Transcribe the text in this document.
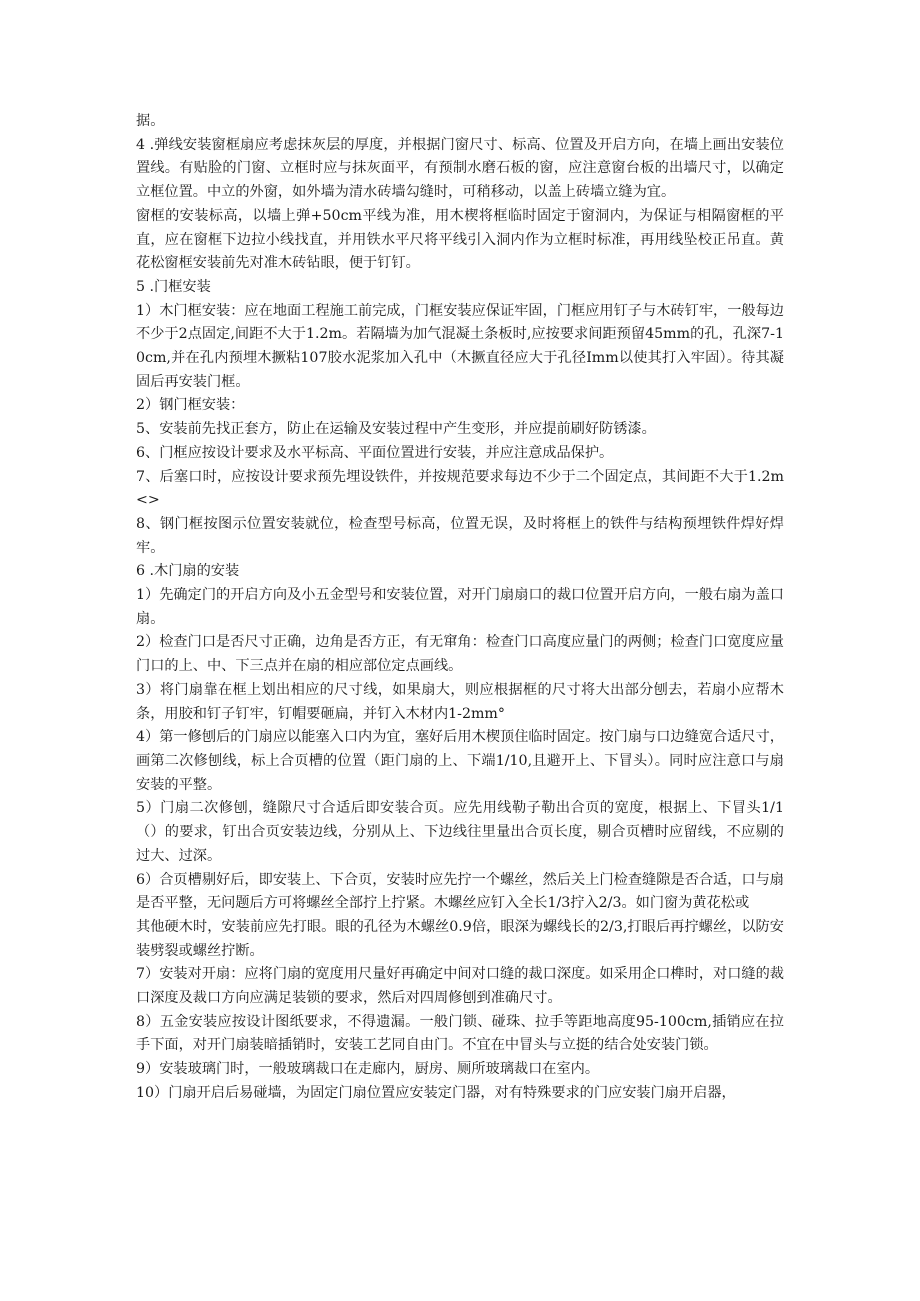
据。

4 .弹线安装窗框扇应考虑抹灰层的厚度，并根据门窗尺寸、标高、位置及开启方向，在墙上画出安装位置线。有贴脸的门窗、立框时应与抹灰面平，有预制水磨石板的窗，应注意窗台板的出墙尺寸，以确定立框位置。中立的外窗，如外墙为清水砖墙勾缝时，可稍移动，以盖上砖墙立缝为宜。

窗框的安装标高，以墙上弹+50cm平线为准，用木楔将框临时固定于窗洞内，为保证与相隔窗框的平直，应在窗框下边拉小线找直，并用铁水平尺将平线引入洞内作为立框时标准，再用线坠校正吊直。黄花松窗框安装前先对准木砖钻眼，便于钉钉。

5 .门框安装

1）木门框安装：应在地面工程施工前完成，门框安装应保证牢固，门框应用钉子与木砖钉牢，一般每边不少于2点固定,间距不大于1.2m。若隔墙为加气混凝土条板时,应按要求间距预留45mm的孔，孔深7-10cm,并在孔内预埋木撅粘107胶水泥浆加入孔中（木撅直径应大于孔径Imm以使其打入牢固）。待其凝固后再安装门框。

2）钢门框安装：

5、安装前先找正套方，防止在运输及安装过程中产生变形，并应提前刷好防锈漆。

6、门框应按设计要求及水平标高、平面位置进行安装，并应注意成品保护。

7、后塞口时，应按设计要求预先埋设铁件，并按规范要求每边不少于二个固定点，其间距不大于1.2m<>

8、钢门框按图示位置安装就位，检查型号标高，位置无误，及时将框上的铁件与结构预埋铁件焊好焊牢。

6 .木门扇的安装

1）先确定门的开启方向及小五金型号和安装位置，对开门扇扇口的裁口位置开启方向，一般右扇为盖口扇。

2）检查门口是否尺寸正确，边角是否方正，有无窜角：检查门口高度应量门的两侧；检查门口宽度应量门口的上、中、下三点并在扇的相应部位定点画线。

3）将门扇靠在框上划出相应的尺寸线，如果扇大，则应根据框的尺寸将大出部分刨去，若扇小应帮木条，用胶和钉子钉牢，钉帽要砸扁，并钉入木材内1-2mm°

4）第一修刨后的门扇应以能塞入口内为宜，塞好后用木楔顶住临时固定。按门扇与口边缝宽合适尺寸，画第二次修刨线，标上合页槽的位置（距门扇的上、下端1/10,且避开上、下冒头）。同时应注意口与扇安装的平整。

5）门扇二次修刨，缝隙尺寸合适后即安装合页。应先用线勒子勒出合页的宽度，根据上、下冒头1/1（）的要求，钉出合页安装边线，分别从上、下边线往里量出合页长度，剔合页槽时应留线，不应剔的过大、过深。

6）合页槽剔好后，即安装上、下合页，安装时应先拧一个螺丝，然后关上门检查缝隙是否合适，口与扇是否平整，无问题后方可将螺丝全部拧上拧紧。木螺丝应钉入全长1/3拧入2/3。如门窗为黄花松或

其他硬木时，安装前应先打眼。眼的孔径为木螺丝0.9倍，眼深为螺线长的2/3,打眼后再拧螺丝，以防安装劈裂或螺丝拧断。

7）安装对开扇：应将门扇的宽度用尺量好再确定中间对口缝的裁口深度。如采用企口榫时，对口缝的裁口深度及裁口方向应满足装锁的要求，然后对四周修刨到准确尺寸。

8）五金安装应按设计图纸要求，不得遗漏。一般门锁、碰珠、拉手等距地高度95-100cm,插销应在拉手下面，对开门扇装暗插销时，安装工艺同自由门。不宜在中冒头与立挺的结合处安装门锁。

9）安装玻璃门时，一般玻璃裁口在走廊内，厨房、厕所玻璃裁口在室内。

10）门扇开启后易碰墙，为固定门扇位置应安装定门器，对有特殊要求的门应安装门扇开启器，
